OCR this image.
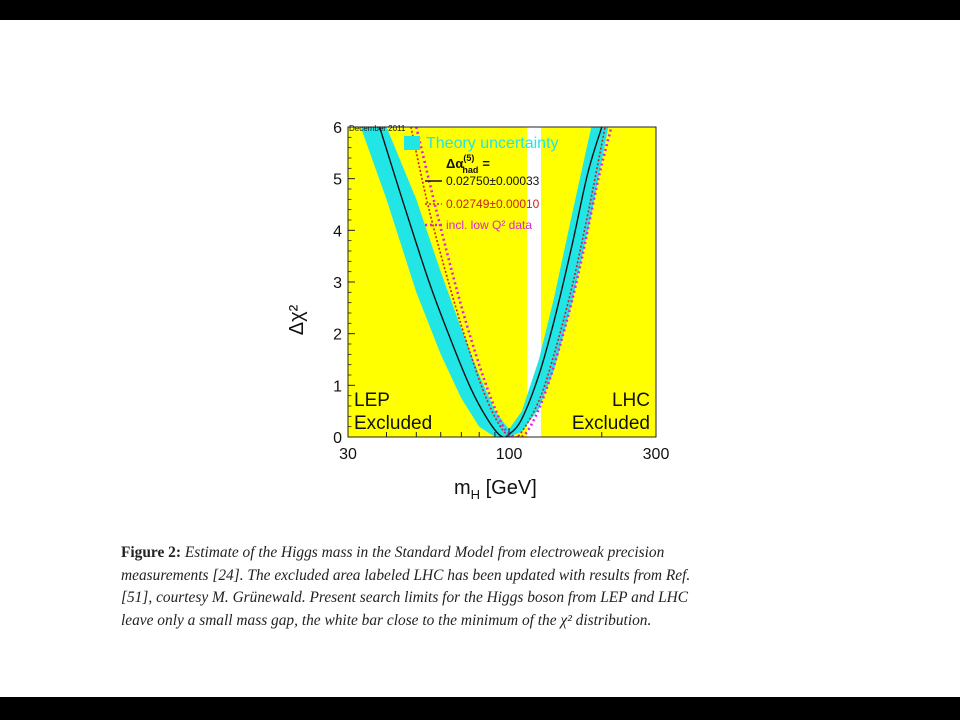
0
1
2
3
4
5
6
30	100	300
$m_H$ [GeV]
Δχ²
December 2011
LEP
Excluded
LHC
Excluded
Theory uncertainty
$\Delta\alpha^{(5)}$ had =
0.02750±0.00033
0.02749±0.00010
incl. low Q² data
Figure 2: Estimate of the Higgs mass in the Standard Model from electroweak precision
measurements [24]. The excluded area labeled LHC has been updated with results from Ref.
[51], courtesy M. Grünewald. Present search limits for the Higgs boson from LEP and LHC
leave only a small mass gap, the white bar close to the minimum of the χ² distribution.
